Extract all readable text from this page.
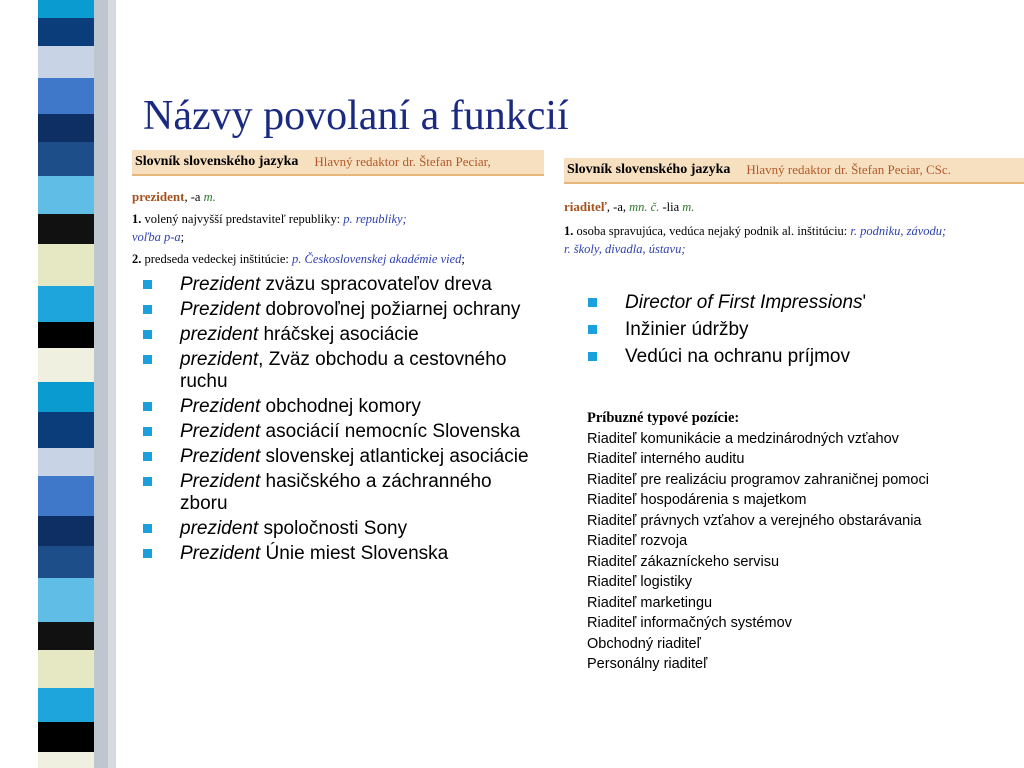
Názvy povolaní a funkcií
Slovník slovenského jazyka Hlavný redaktor dr. Štefan Peciar,
prezident, -a m.
1. volený najvyšší predstaviteľ republiky: p. republiky;
voľba p-a;
2. predseda vedeckej inštitúcie: p. Československej akadémie vied;
Slovník slovenského jazyka Hlavný redaktor dr. Štefan Peciar, CSc.
riaditeľ, -a, mn. č. -lia m.
1. osoba spravujúca, vedúca nejaký podnik al. inštitúciu: r. podniku, závodu;
r. školy, divadla, ústavu;
Prezident zväzu spracovateľov dreva
Prezident dobrovoľnej požiarnej ochrany
prezident hráčskej asociácie
prezident, Zväz obchodu a cestovného ruchu
Prezident obchodnej komory
Prezident asociácií nemocníc Slovenska
Prezident slovenskej atlantickej asociácie
Prezident hasičského a záchranného zboru
prezident spoločnosti Sony
Prezident Únie miest Slovenska
Director of First Impressions'
Inžinier údržby
Vedúci na ochranu príjmov
Príbuzné typové pozície:
Riaditeľ komunikácie a medzinárodných vzťahov
Riaditeľ interného auditu
Riaditeľ pre realizáciu programov zahraničnej pomoci
Riaditeľ hospodárenia s majetkom
Riaditeľ právnych vzťahov a verejného obstarávania
Riaditeľ rozvoja
Riaditeľ zákazníckeho servisu
Riaditeľ logistiky
Riaditeľ marketingu
Riaditeľ informačných systémov
Obchodný riaditeľ
Personálny riaditeľ
